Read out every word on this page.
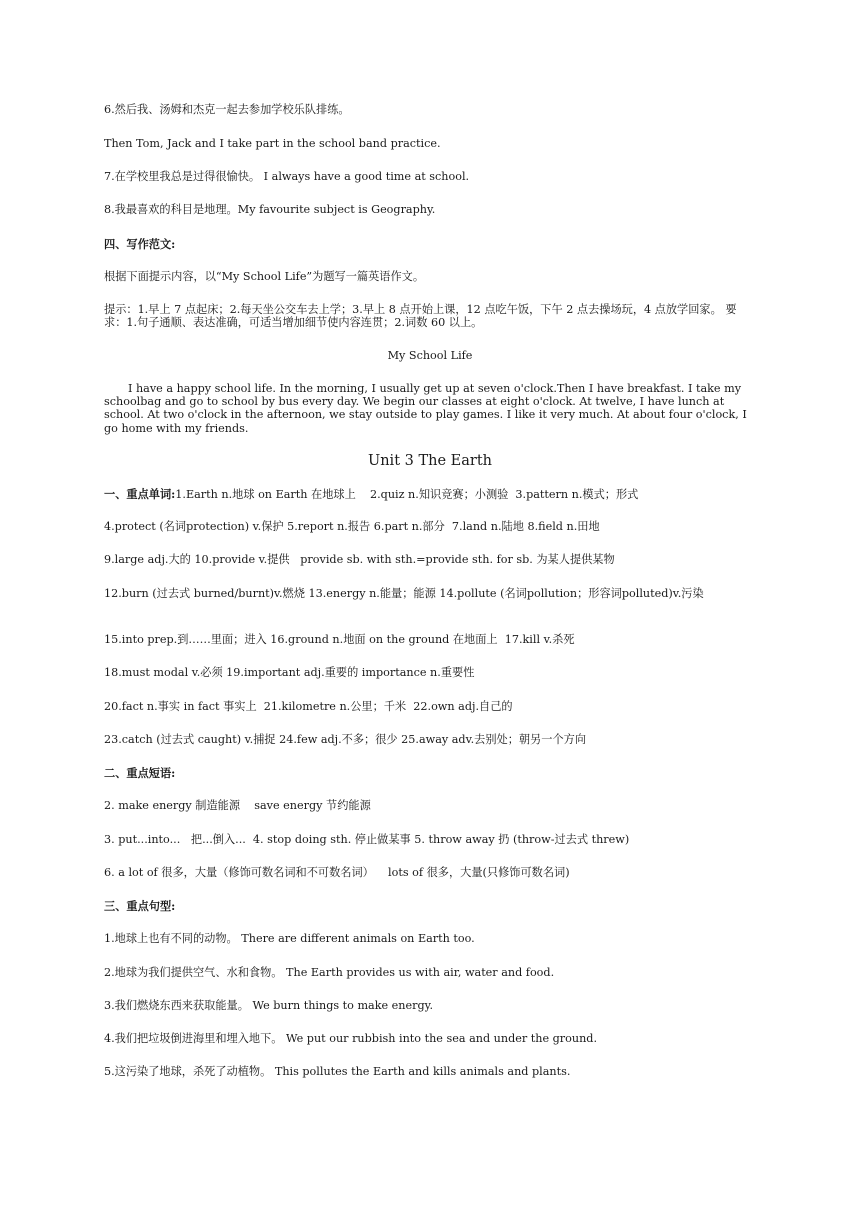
6.然后我、汤姆和杰克一起去参加学校乐队排练。
Then Tom, Jack and I take part in the school band practice.
7.在学校里我总是过得很愉快。 I always have a good time at school.
8.我最喜欢的科目是地理。My favourite subject is Geography.
四、写作范文:
根据下面提示内容，以“My School Life”为题写一篇英语作文。
提示：1.早上 7 点起床；2.每天坐公交车去上学；3.早上 8 点开始上课，12 点吃午饭，下午 2 点去操场玩，4 点放学回家。 要求：1.句子通顺、表达准确，可适当增加细节使内容连贯；2.词数 60 以上。
My School Life
I have a happy school life. In the morning, I usually get up at seven o'clock.Then I have breakfast. I take my schoolbag and go to school by bus every day. We begin our classes at eight o'clock. At twelve, I have lunch at school. At two o'clock in the afternoon, we stay outside to play games. I like it very much. At about four o'clock, I go home with my friends.
Unit 3 The Earth
一、重点单词:1.Earth n.地球 on Earth 在地球上    2.quiz n.知识竞赛；小测验  3.pattern n.模式；形式
4.protect (名词protection) v.保护 5.report n.报告 6.part n.部分  7.land n.陆地 8.field n.田地
9.large adj.大的 10.provide v.提供   provide sb. with sth.=provide sth. for sb. 为某人提供某物
12.burn (过去式 burned/burnt)v.燃烧 13.energy n.能量；能源 14.pollute (名词pollution；形容词polluted)v.污染
15.into prep.到……里面；进入 16.ground n.地面 on the ground 在地面上  17.kill v.杀死
18.must modal v.必须 19.important adj.重要的 importance n.重要性
20.fact n.事实 in fact 事实上  21.kilometre n.公里；千米  22.own adj.自己的
23.catch (过去式 caught) v.捕捉 24.few adj.不多；很少 25.away adv.去别处；朝另一个方向
二、重点短语:
2. make energy 制造能源    save energy 节约能源
3. put...into...   把...倒入...  4. stop doing sth. 停止做某事 5. throw away 扔 (throw-过去式 threw)
6. a lot of 很多，大量（修饰可数名词和不可数名词）    lots of 很多，大量(只修饰可数名词)
三、重点句型:
1.地球上也有不同的动物。 There are different animals on Earth too.
2.地球为我们提供空气、水和食物。 The Earth provides us with air, water and food.
3.我们燃烧东西来获取能量。 We burn things to make energy.
4.我们把垃圾倒进海里和埋入地下。 We put our rubbish into the sea and under the ground.
5.这污染了地球，杀死了动植物。 This pollutes the Earth and kills animals and plants.
